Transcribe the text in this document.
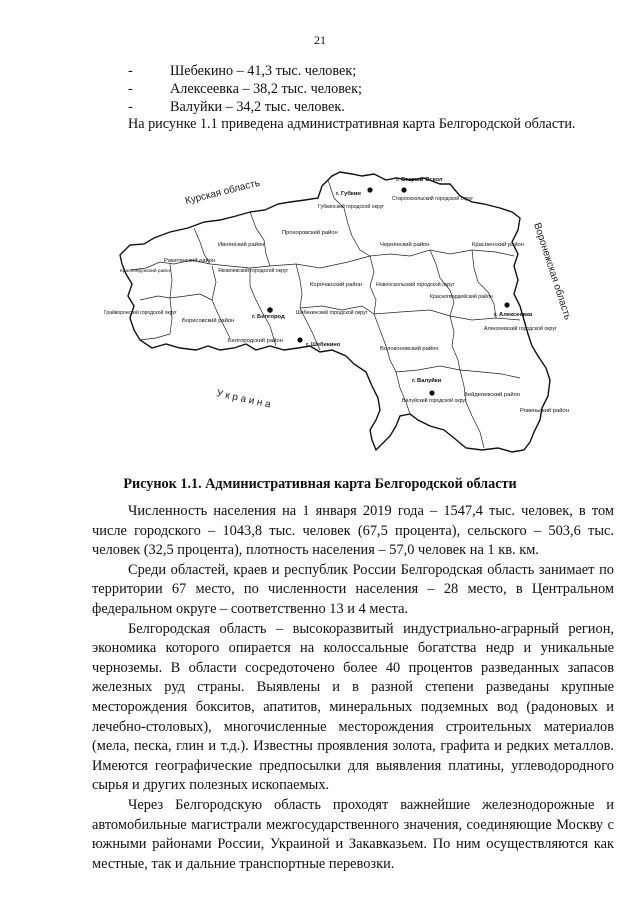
21
-	Шебекино – 41,3 тыс. человек;
-	Алексеевка – 38,2 тыс. человек;
-	Валуйки – 34,2 тыс. человек.
На рисунке 1.1 приведена административная карта Белгородской области.
Курская область
Воронежская область
У к р а и н а
г. Губкин
г. Старый Оскол
Губкинский городской округ
Старооскольский городской округ
Прохоровский район
Ивнянский район
Ракитянский район
Краснояружский район	Яковлевский городской округ
Чернянский район	Красненский район
Корочанский район	Новооскольский городской округ
Грайворонский городской округ
Борисовский район
г. Белгород
Шебекинский городской округ
г. Шебекино
Красногвардейский район
г. Алексеевка
Алексеевский городской округ
Белгородский район
Волоконовский район
г. Валуйки
Валуйский городской округ
Вейделевский район
Ровеньский район
Рисунок 1.1. Административная карта Белгородской области

Численность населения на 1 января 2019 года – 1547,4 тыс. человек, в том числе городского – 1043,8 тыс. человек (67,5 процента), сельского – 503,6 тыс. человек (32,5 процента), плотность населения – 57,0 человек на 1 кв. км.

Среди областей, краев и республик России Белгородская область занимает по территории 67 место, по численности населения – 28 место, в Центральном федеральном округе – соответственно 13 и 4 места.

Белгородская область – высокоразвитый индустриально-аграрный регион, экономика которого опирается на колоссальные богатства недр и уникальные черноземы. В области сосредоточено более 40 процентов разведанных запасов железных руд страны. Выявлены и в разной степени разведаны крупные месторождения бокситов, апатитов, минеральных подземных вод (радоновых и лечебно-столовых), многочисленные месторождения строительных материалов (мела, песка, глин и т.д.). Известны проявления золота, графита и редких металлов. Имеются географические предпосылки для выявления платины, углеводородного сырья и других полезных ископаемых.

Через Белгородскую область проходят важнейшие железнодорожные и автомобильные магистрали межгосударственного значения, соединяющие Москву с южными районами России, Украиной и Закавказьем. По ним осуществляются как местные, так и дальние транспортные перевозки.
